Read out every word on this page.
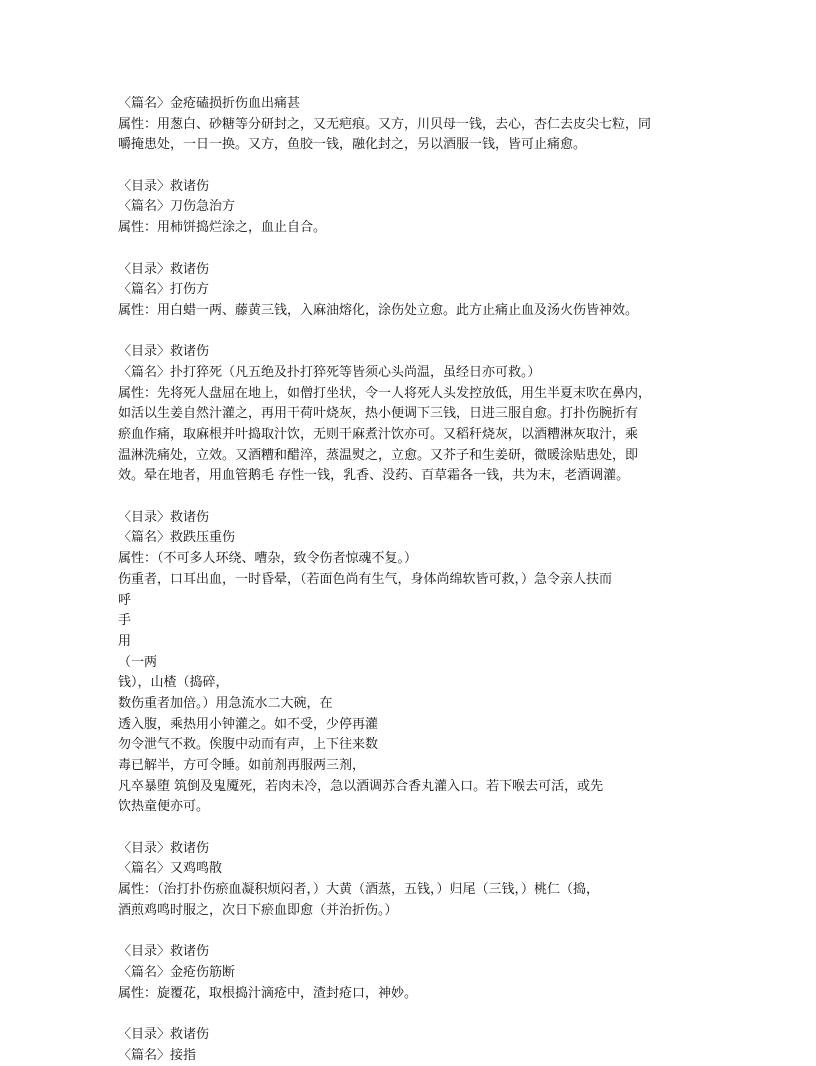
〈篇名〉金疮磕损折伤血出痛甚
属性：用葱白、砂糖等分研封之，又无疤痕。又方，川贝母一钱，去心，杏仁去皮尖七粒，同
嚼掩患处，一日一换。又方，鱼胶一钱，融化封之，另以酒服一钱，皆可止痛愈。
〈目录〉救诸伤
〈篇名〉刀伤急治方
属性：用柿饼捣烂涂之，血止自合。
〈目录〉救诸伤
〈篇名〉打伤方
属性：用白蜡一两、藤黄三钱，入麻油熔化，涂伤处立愈。此方止痛止血及汤火伤皆神效。
〈目录〉救诸伤
〈篇名〉扑打猝死（凡五绝及扑打猝死等皆须心头尚温，虽经日亦可救。）
属性：先将死人盘屈在地上，如僧打坐状，令一人将死人头发控放低，用生半夏末吹在鼻内，
如活以生姜自然汁灌之，再用干荷叶烧灰，热小便调下三钱，日进三服自愈。打扑伤腕折有
瘀血作痛，取麻根并叶捣取汁饮，无则干麻煮汁饮亦可。又稻秆烧灰，以酒糟淋灰取汁，乘
温淋洗痛处，立效。又酒糟和醋淬，蒸温熨之，立愈。又芥子和生姜研，微暖涂贴患处，即
效。晕在地者，用血管鹅毛 存性一钱，乳香、没药、百草霜各一钱，共为末，老酒调灌。
〈目录〉救诸伤
〈篇名〉救跌压重伤
属性：（不可多人环绕、嘈杂，致令伤者惊魂不复。）
伤重者，口耳出血，一时昏晕，（若面色尚有生气，身体尚绵软皆可救，）急令亲人扶而
呼
手
用
（一两
钱），山楂（捣碎，
数伤重者加倍。）用急流水二大碗，在
透入腹，乘热用小钟灌之。如不受，少停再灌
勿令泄气不救。俟腹中动而有声，上下往来数
毒已解半，方可令睡。如前剂再服两三剂，
凡卒暴堕 筑倒及鬼魇死，若肉未冷，急以酒调苏合香丸灌入口。若下喉去可活，或先
饮热童便亦可。
〈目录〉救诸伤
〈篇名〉又鸡鸣散
属性：（治打扑伤瘀血凝积烦闷者，）大黄（酒蒸，五钱，）归尾（三钱，）桃仁（捣，
酒煎鸡鸣时服之，次日下瘀血即愈（并治折伤。）
〈目录〉救诸伤
〈篇名〉金疮伤筋断
属性：旋覆花，取根捣汁滴疮中，渣封疮口，神妙。
〈目录〉救诸伤
〈篇名〉接指
